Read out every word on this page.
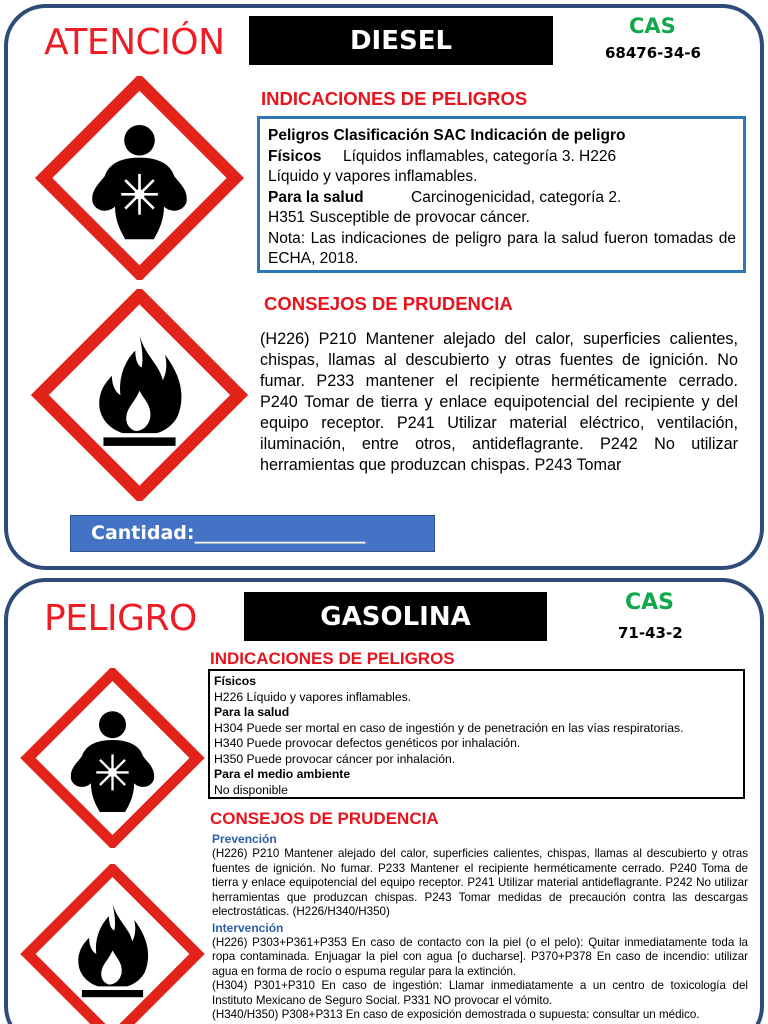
ATENCIÓN	DIESEL	CAS
68476-34-6
INDICACIONES DE PELIGROS
Peligros Clasificación SAC Indicación de peligro
Físicos Líquidos inflamables, categoría 3. H226
Líquido y vapores inflamables.
Para la salud	Carcinogenicidad, categoría 2.
H351 Susceptible de provocar cáncer.
Nota: Las indicaciones de peligro para la salud fueron tomadas de ECHA, 2018.
CONSEJOS DE PRUDENCIA
(H226) P210 Mantener alejado del calor, superficies calientes, chispas, llamas al descubierto y otras fuentes de ignición. No fumar. P233 mantener el recipiente herméticamente cerrado. P240 Tomar de tierra y enlace equipotencial del recipiente y del equipo receptor. P241 Utilizar material eléctrico, ventilación, iluminación, entre otros, antideflagrante. P242 No utilizar herramientas que produzcan chispas. P243 Tomar
Cantidad:__________________
PELIGRO	GASOLINA	CAS
71-43-2
INDICACIONES DE PELIGROS
Físicos
H226 Líquido y vapores inflamables.
Para la salud
H304 Puede ser mortal en caso de ingestión y de penetración en las vías respiratorias.
H340 Puede provocar defectos genéticos por inhalación.
H350 Puede provocar cáncer por inhalación.
Para el medio ambiente
No disponible
CONSEJOS DE PRUDENCIA
Prevención
(H226) P210 Mantener alejado del calor, superficies calientes, chispas, llamas al descubierto y otras fuentes de ignición. No fumar. P233 Mantener el recipiente herméticamente cerrado. P240 Toma de tierra y enlace equipotencial del equipo receptor. P241 Utilizar material antideflagrante. P242 No utilizar herramientas que produzcan chispas. P243 Tomar medidas de precaución contra las descargas electrostáticas. (H226/H340/H350)
Intervención
(H226) P303+P361+P353 En caso de contacto con la piel (o el pelo): Quitar inmediatamente toda la ropa contaminada. Enjuagar la piel con agua [o ducharse]. P370+P378 En caso de incendio: utilizar agua en forma de rocío o espuma regular para la extinción.
(H304) P301+P310 En caso de ingestión: Llamar inmediatamente a un centro de toxicología del Instituto Mexicano de Seguro Social. P331 NO provocar el vómito.
(H340/H350) P308+P313 En caso de exposición demostrada o supuesta: consultar un médico.
